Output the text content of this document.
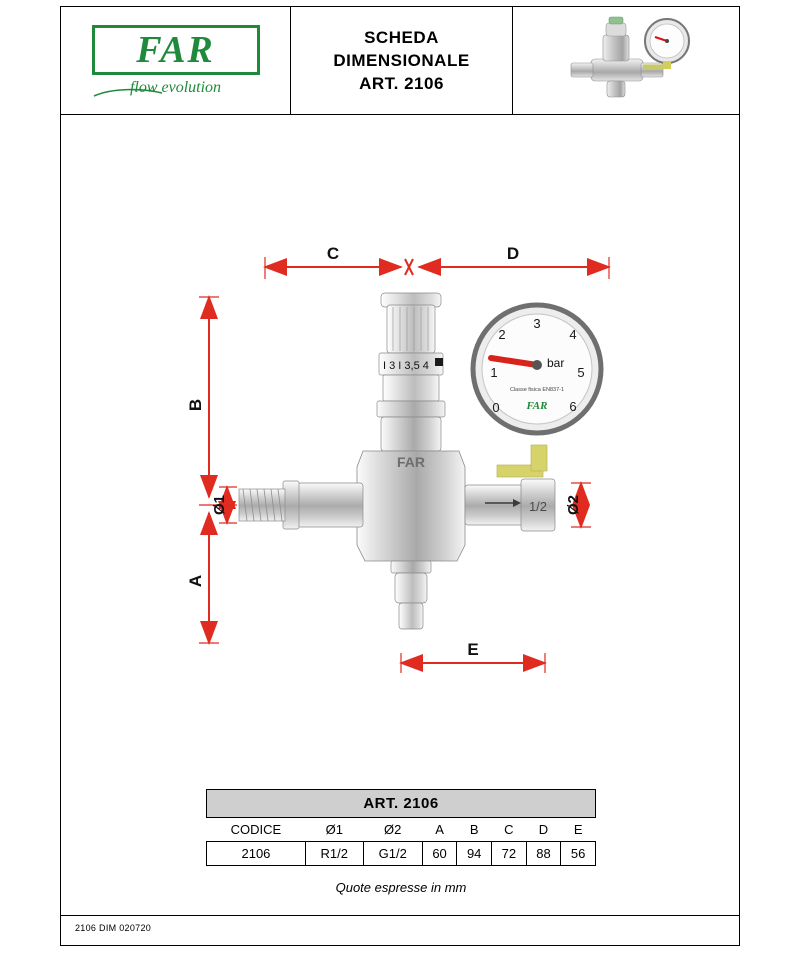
FAR
flow evolution
SCHEDA
DIMENSIONALE
ART. 2106
I 3 I 3,5 4
FAR
1/2
1
2
3
4
5
6
0
bar
Classe fisica EN837-1
FAR
C	D
B
A
Ø1	Ø2
E
ART. 2106							
CODICE	Ø1	Ø2	A	B	C	D	E
2106	R1/2	G1/2	60	94	72	88	56
Quote espresse in mm
2106 DIM 020720
